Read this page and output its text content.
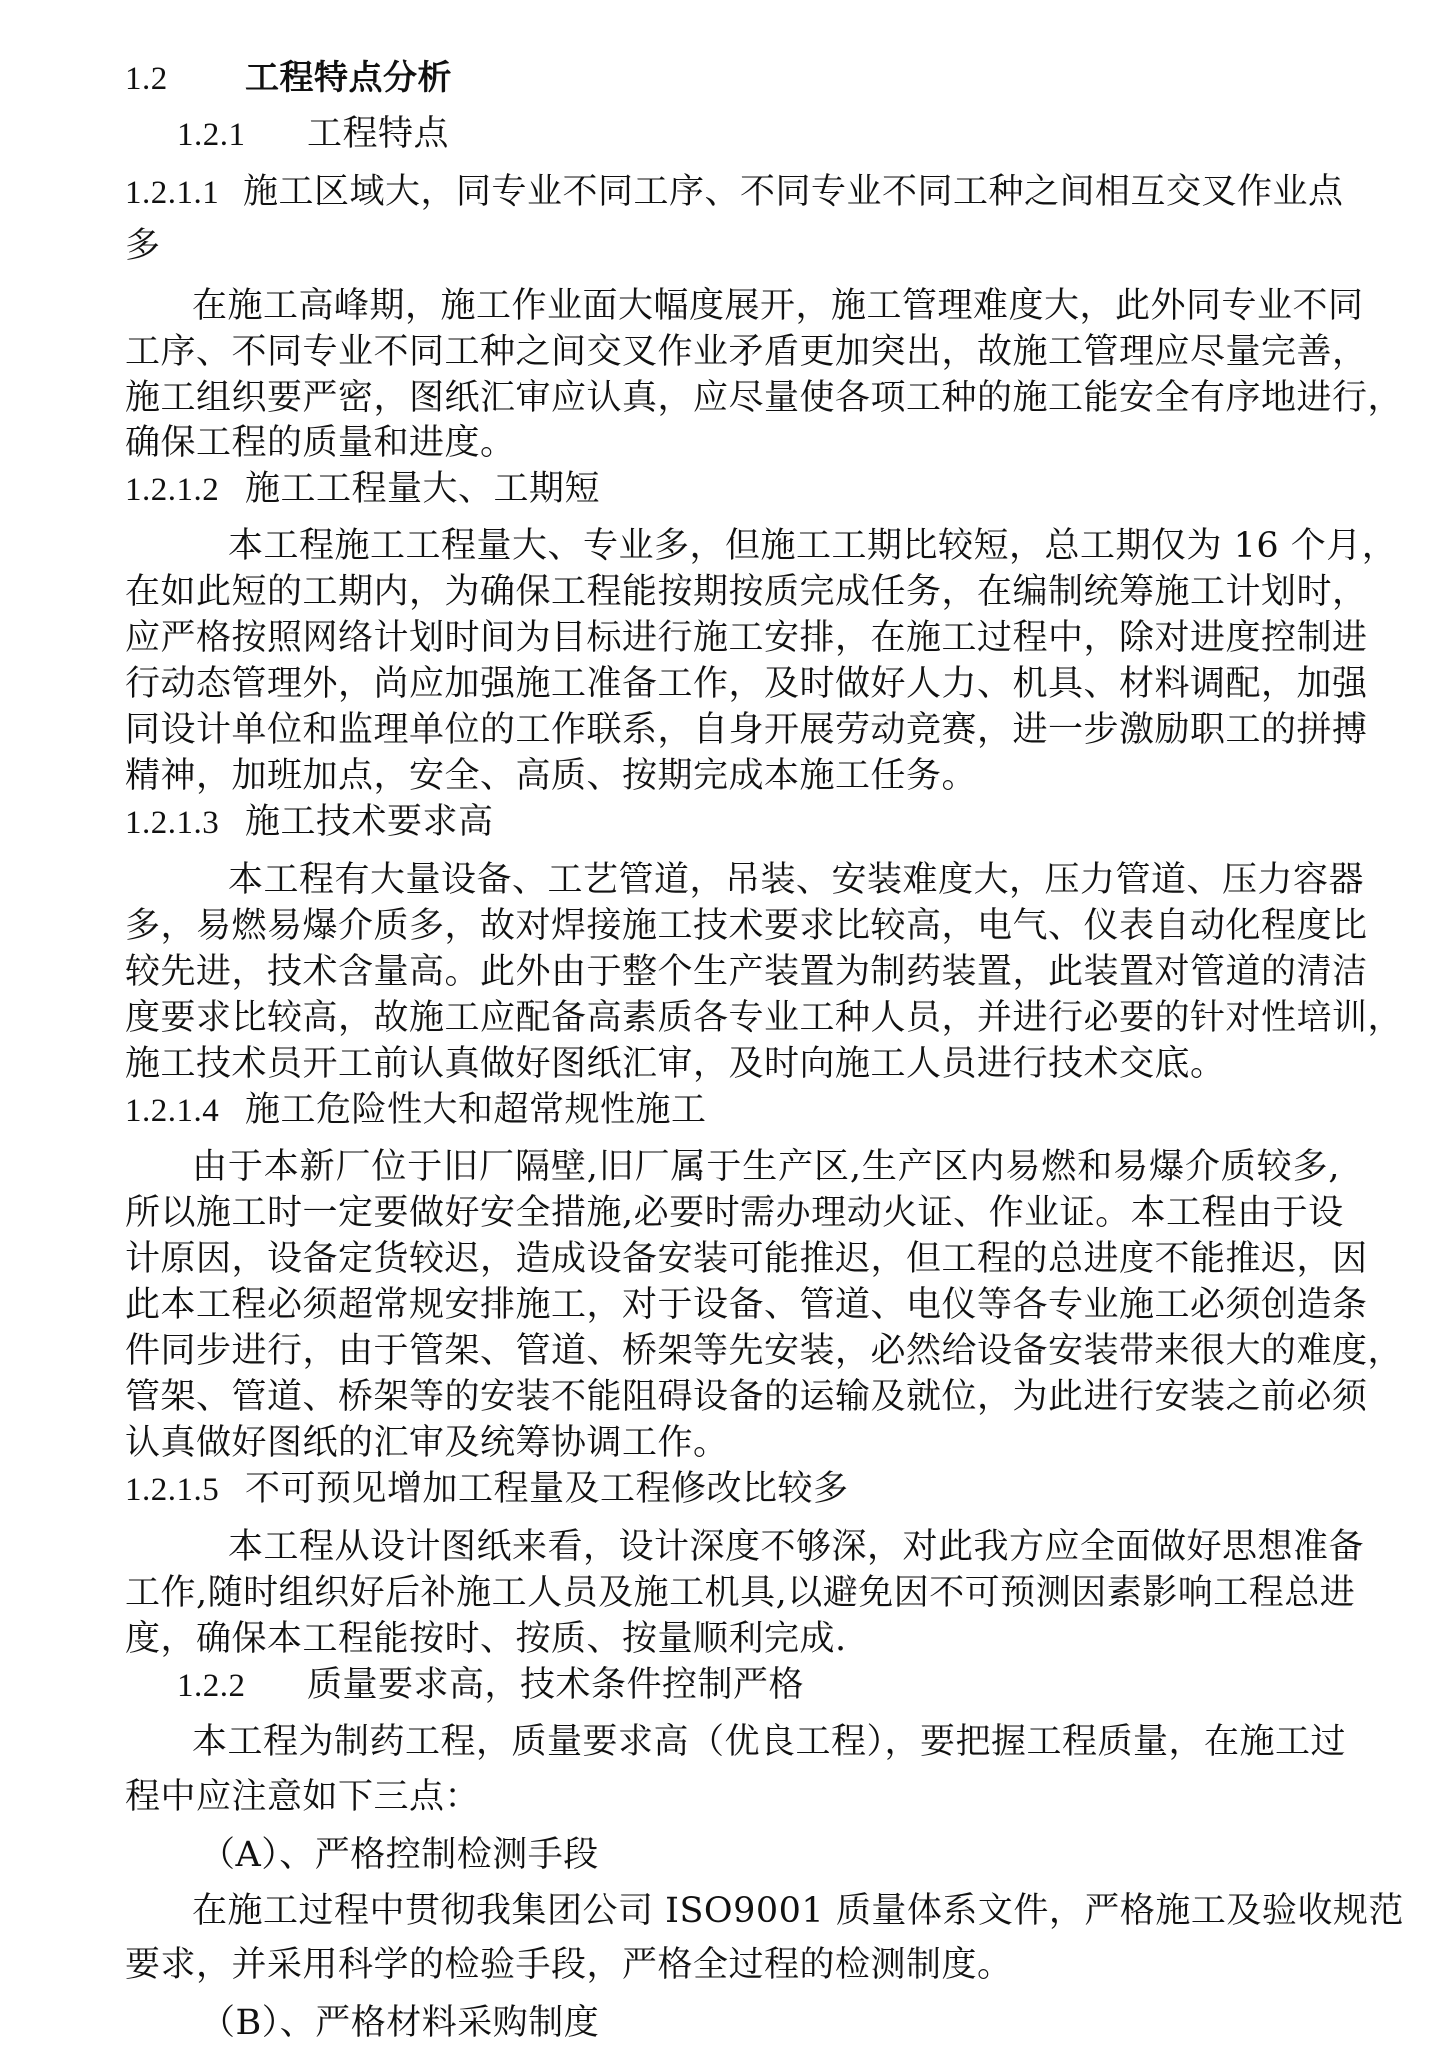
1.2 工程特点分析
1.2.1 工程特点
1.2.1.1 施工区域大，同专业不同工序、不同专业不同工种之间相互交叉作业点
多
在施工高峰期，施工作业面大幅度展开，施工管理难度大，此外同专业不同
工序、不同专业不同工种之间交叉作业矛盾更加突出，故施工管理应尽量完善，
施工组织要严密，图纸汇审应认真，应尽量使各项工种的施工能安全有序地进行，
确保工程的质量和进度。
1.2.1.2 施工工程量大、工期短
本工程施工工程量大、专业多，但施工工期比较短，总工期仅为 16 个月，
在如此短的工期内，为确保工程能按期按质完成任务，在编制统筹施工计划时，
应严格按照网络计划时间为目标进行施工安排，在施工过程中，除对进度控制进
行动态管理外，尚应加强施工准备工作，及时做好人力、机具、材料调配，加强
同设计单位和监理单位的工作联系，自身开展劳动竞赛，进一步激励职工的拼搏
精神，加班加点，安全、高质、按期完成本施工任务。
1.2.1.3 施工技术要求高
本工程有大量设备、工艺管道，吊装、安装难度大，压力管道、压力容器
多，易燃易爆介质多，故对焊接施工技术要求比较高，电气、仪表自动化程度比
较先进，技术含量高。此外由于整个生产装置为制药装置，此装置对管道的清洁
度要求比较高，故施工应配备高素质各专业工种人员，并进行必要的针对性培训，
施工技术员开工前认真做好图纸汇审，及时向施工人员进行技术交底。
1.2.1.4 施工危险性大和超常规性施工
由于本新厂位于旧厂隔壁,旧厂属于生产区,生产区内易燃和易爆介质较多,
所以施工时一定要做好安全措施,必要时需办理动火证、作业证。本工程由于设
计原因，设备定货较迟，造成设备安装可能推迟，但工程的总进度不能推迟，因
此本工程必须超常规安排施工，对于设备、管道、电仪等各专业施工必须创造条
件同步进行，由于管架、管道、桥架等先安装，必然给设备安装带来很大的难度，
管架、管道、桥架等的安装不能阻碍设备的运输及就位，为此进行安装之前必须
认真做好图纸的汇审及统筹协调工作。
1.2.1.5 不可预见增加工程量及工程修改比较多
本工程从设计图纸来看，设计深度不够深，对此我方应全面做好思想准备
工作,随时组织好后补施工人员及施工机具,以避免因不可预测因素影响工程总进
度，确保本工程能按时、按质、按量顺利完成.
1.2.2 质量要求高，技术条件控制严格
本工程为制药工程，质量要求高（优良工程），要把握工程质量，在施工过
程中应注意如下三点：
（A）、严格控制检测手段
在施工过程中贯彻我集团公司 ISO9001 质量体系文件，严格施工及验收规范
要求，并采用科学的检验手段，严格全过程的检测制度。
（B）、严格材料采购制度
